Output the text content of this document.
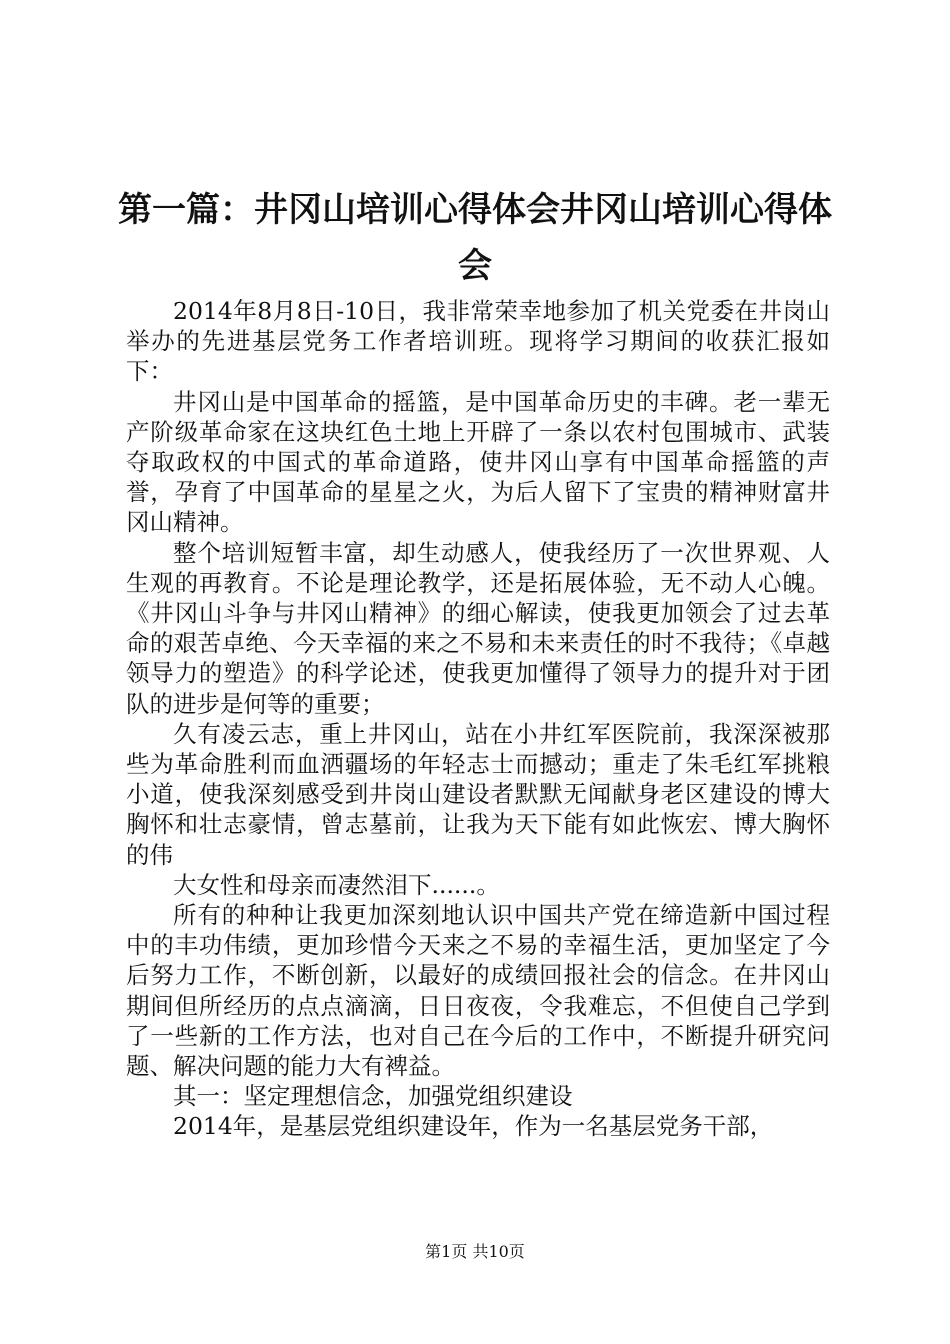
第一篇：井冈山培训心得体会井冈山培训心得体会

2014年8月8日-10日，我非常荣幸地参加了机关党委在井岗山举办的先进基层党务工作者培训班。现将学习期间的收获汇报如下：

井冈山是中国革命的摇篮，是中国革命历史的丰碑。老一辈无产阶级革命家在这块红色土地上开辟了一条以农村包围城市、武装夺取政权的中国式的革命道路，使井冈山享有中国革命摇篮的声誉，孕育了中国革命的星星之火，为后人留下了宝贵的精神财富井冈山精神。

整个培训短暂丰富，却生动感人，使我经历了一次世界观、人生观的再教育。不论是理论教学，还是拓展体验，无不动人心魄。《井冈山斗争与井冈山精神》的细心解读，使我更加领会了过去革命的艰苦卓绝、今天幸福的来之不易和未来责任的时不我待；《卓越领导力的塑造》的科学论述，使我更加懂得了领导力的提升对于团队的进步是何等的重要；

久有凌云志，重上井冈山，站在小井红军医院前，我深深被那些为革命胜利而血洒疆场的年轻志士而撼动；重走了朱毛红军挑粮小道，使我深刻感受到井岗山建设者默默无闻献身老区建设的博大胸怀和壮志豪情，曾志墓前，让我为天下能有如此恢宏、博大胸怀的伟

大女性和母亲而凄然泪下......。

所有的种种让我更加深刻地认识中国共产党在缔造新中国过程中的丰功伟绩，更加珍惜今天来之不易的幸福生活，更加坚定了今后努力工作，不断创新，以最好的成绩回报社会的信念。在井冈山期间但所经历的点点滴滴，日日夜夜，令我难忘，不但使自己学到了一些新的工作方法，也对自己在今后的工作中，不断提升研究问题、解决问题的能力大有裨益。

其一：坚定理想信念，加强党组织建设

2014年，是基层党组织建设年，作为一名基层党务干部，

第1页 共10页
